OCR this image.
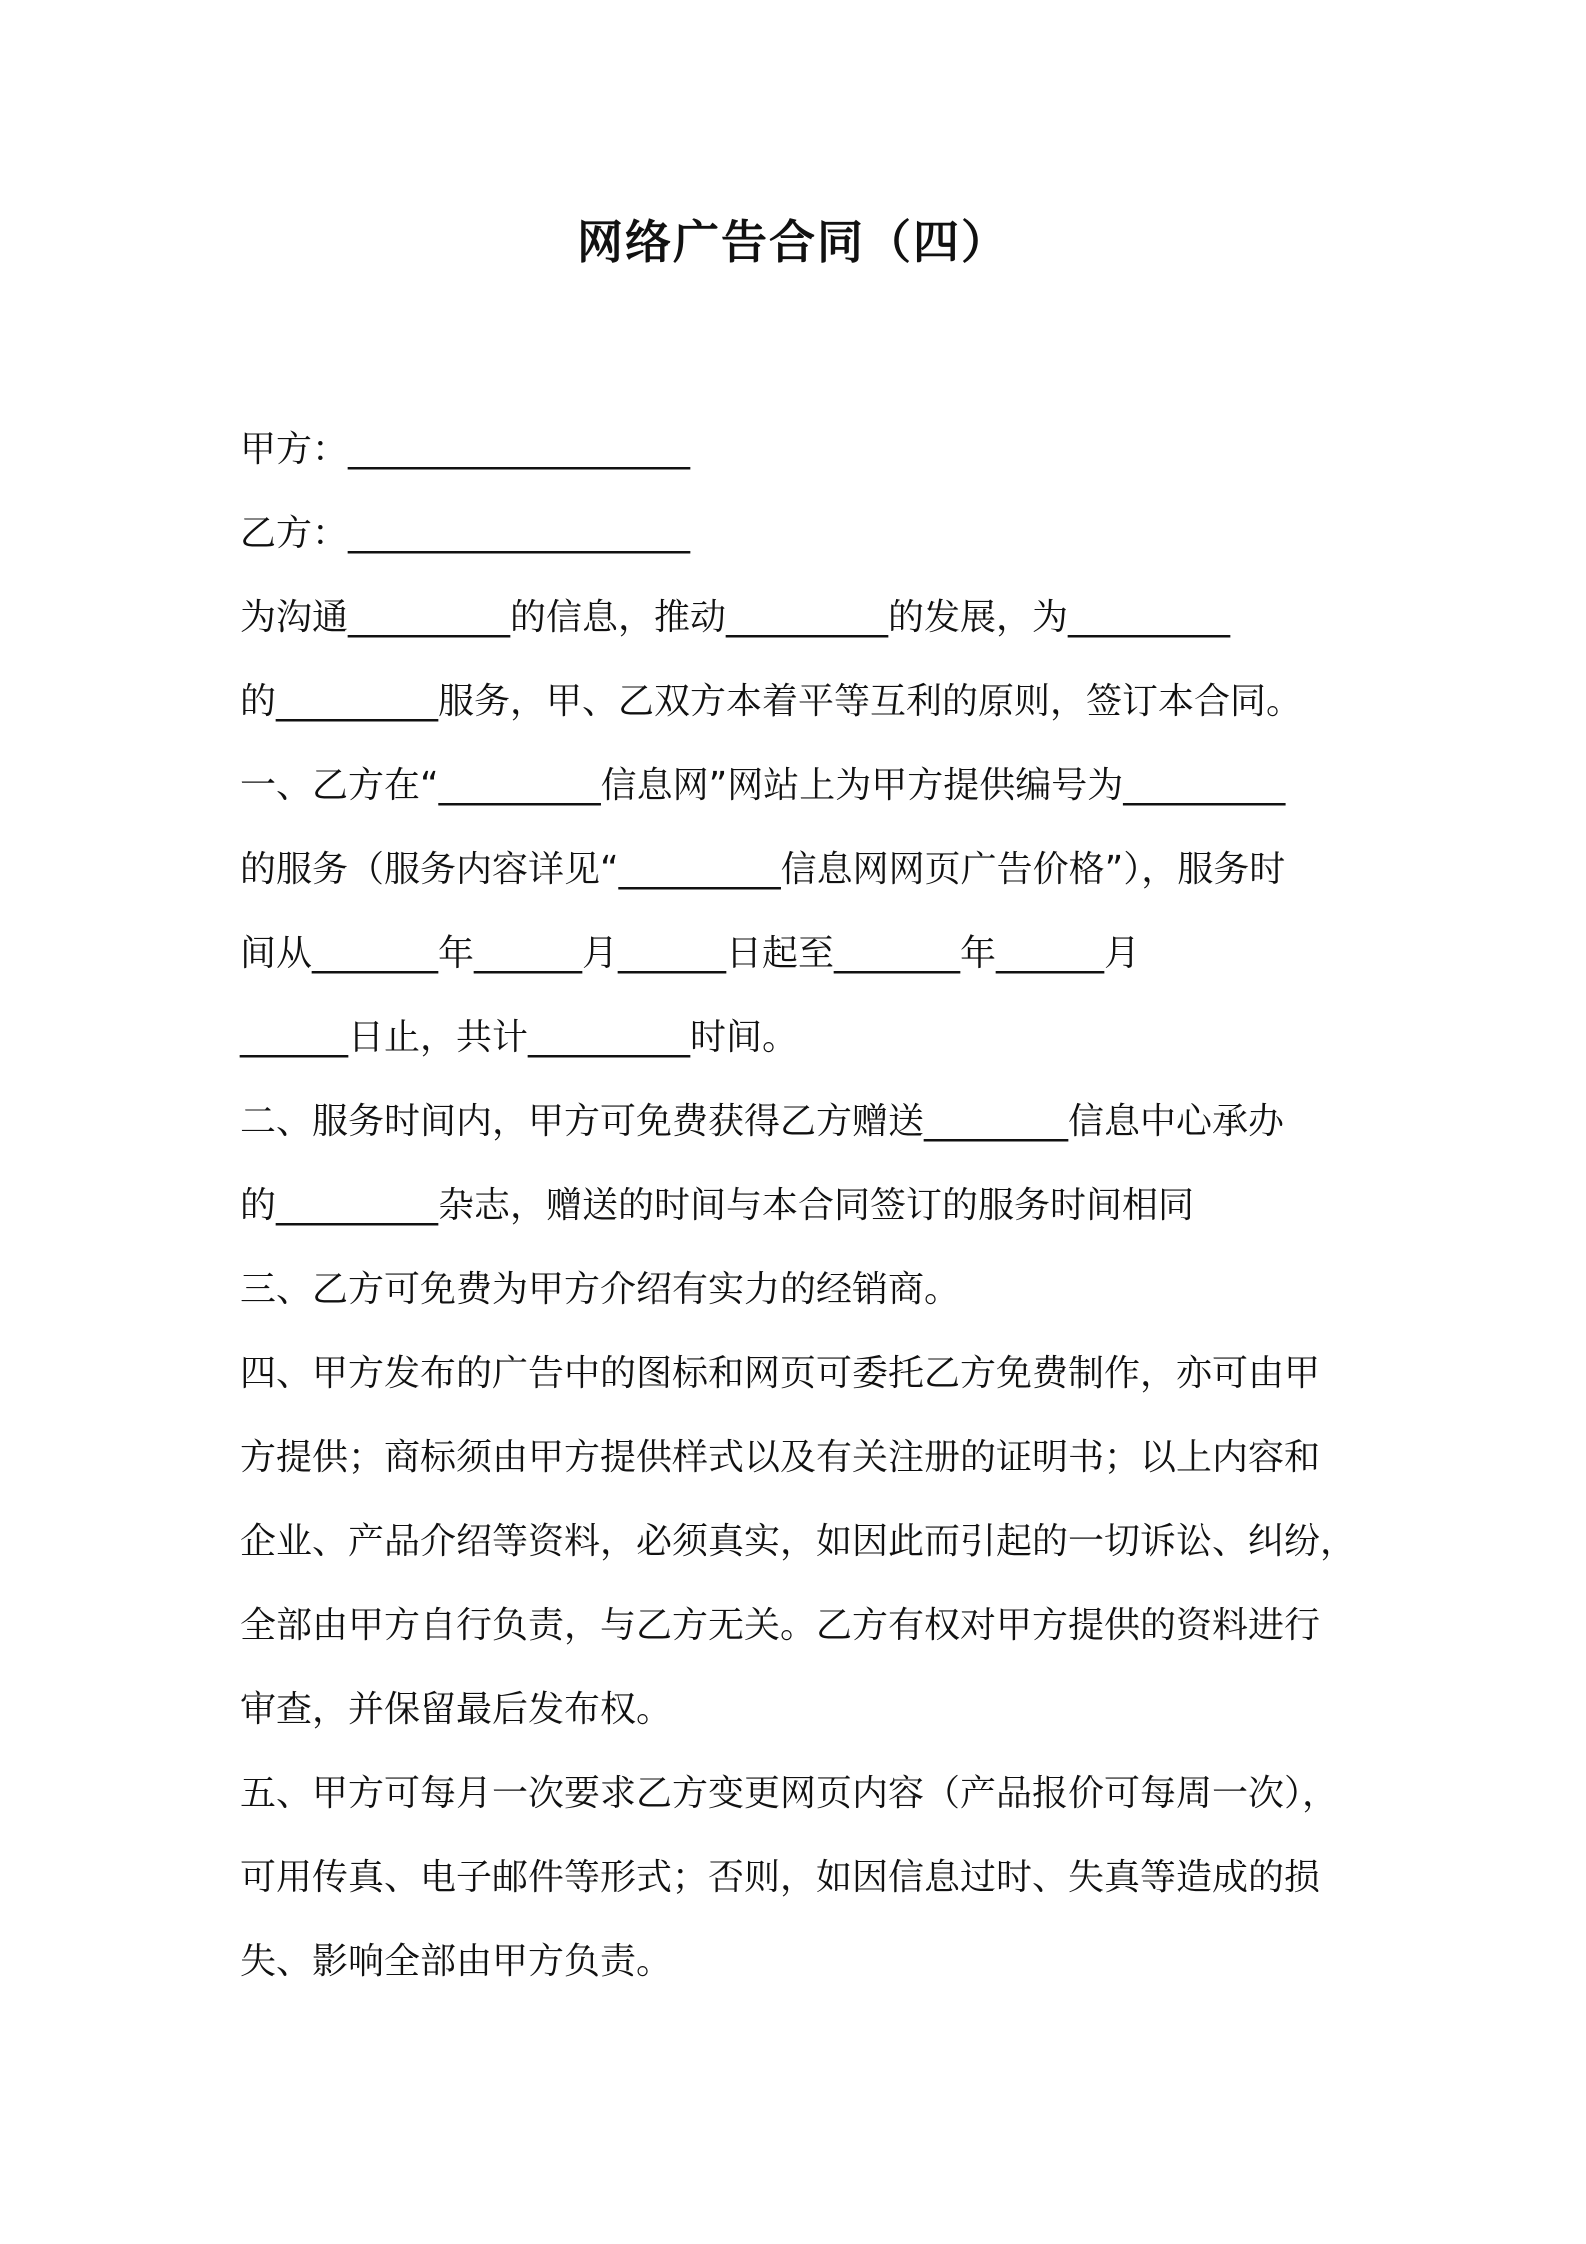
网络广告合同（四）

甲方：___________________

乙方：___________________

为沟通_________的信息，推动_________的发展，为_________

的_________服务，甲、乙双方本着平等互利的原则，签订本合同。

一、乙方在“_________信息网”网站上为甲方提供编号为_________

的服务（服务内容详见“_________信息网网页广告价格”），服务时

间从_______年______月______日起至_______年______月

______日止，共计_________时间。

二、服务时间内，甲方可免费获得乙方赠送________信息中心承办

的_________杂志，赠送的时间与本合同签订的服务时间相同

三、乙方可免费为甲方介绍有实力的经销商。

四、甲方发布的广告中的图标和网页可委托乙方免费制作，亦可由甲

方提供；商标须由甲方提供样式以及有关注册的证明书；以上内容和

企业、产品介绍等资料，必须真实，如因此而引起的一切诉讼、纠纷，

全部由甲方自行负责，与乙方无关。乙方有权对甲方提供的资料进行

审查，并保留最后发布权。

五、甲方可每月一次要求乙方变更网页内容（产品报价可每周一次），

可用传真、电子邮件等形式；否则，如因信息过时、失真等造成的损

失、影响全部由甲方负责。
